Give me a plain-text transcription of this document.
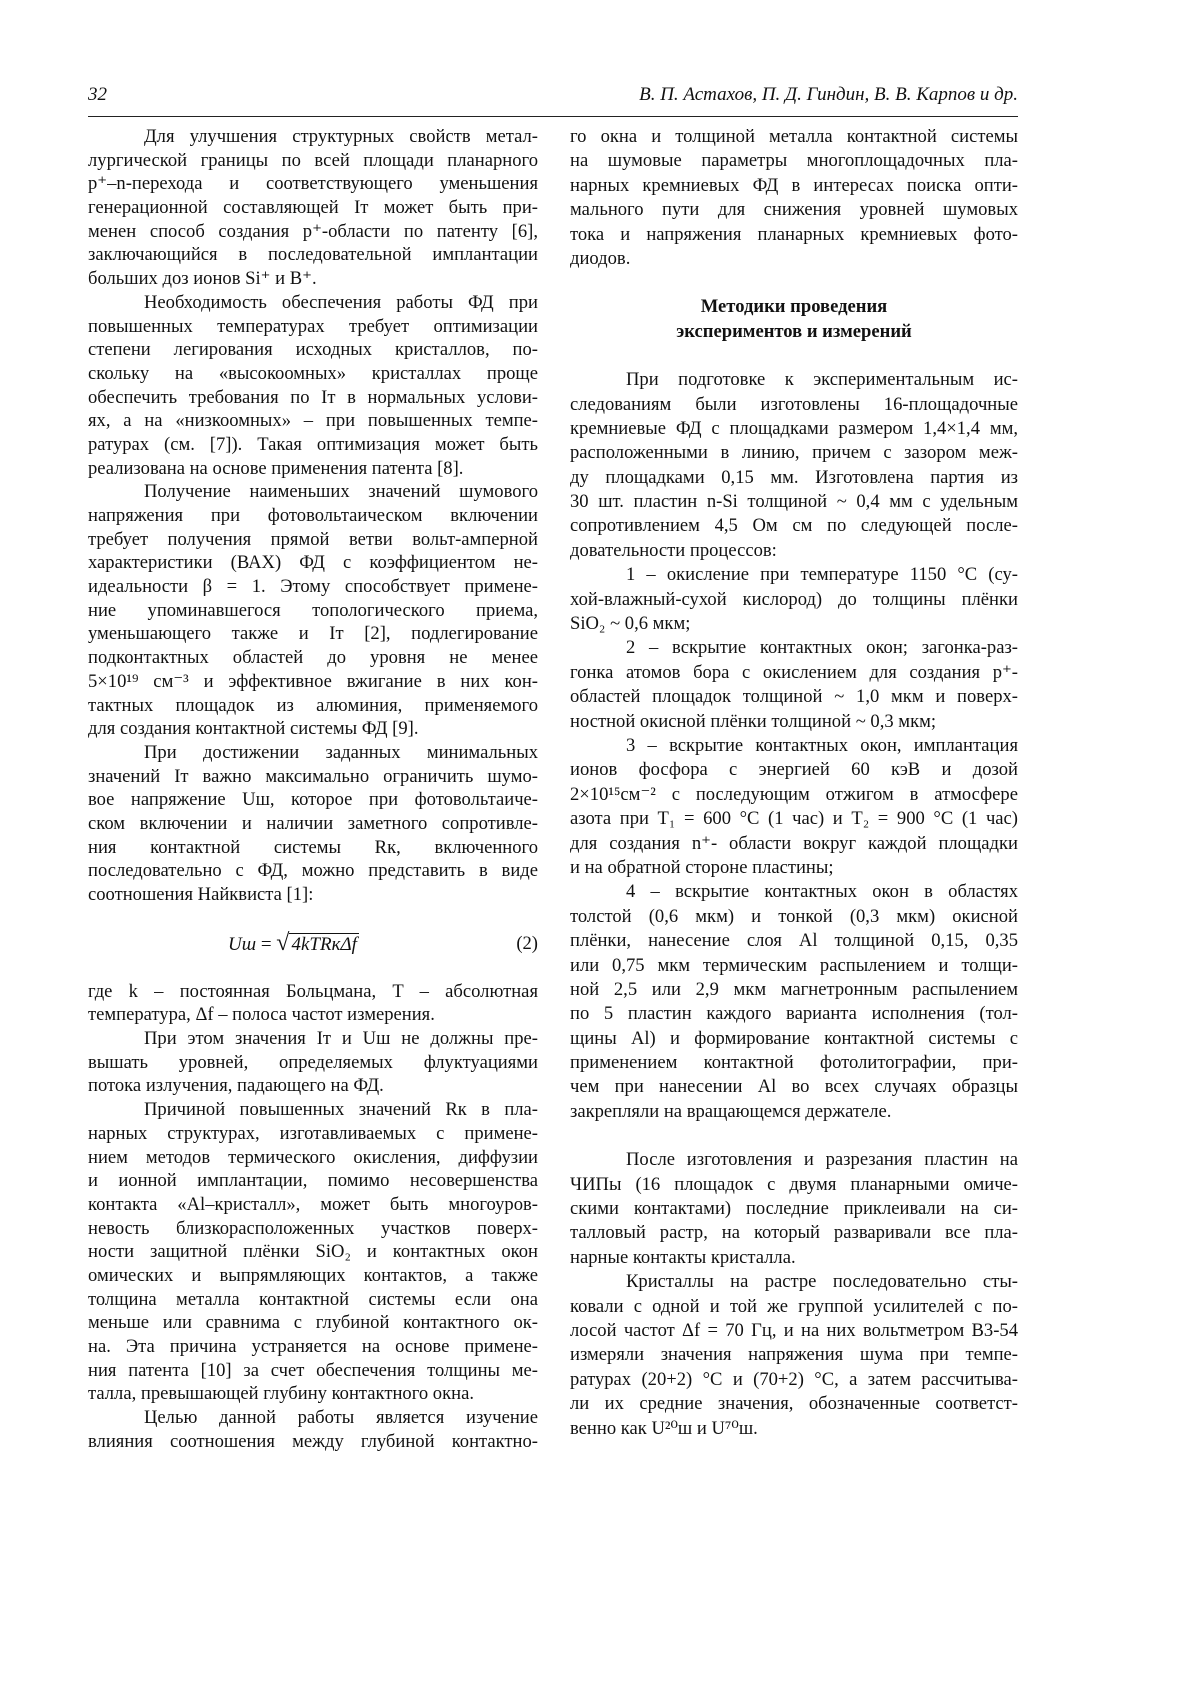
32	В. П. Астахов, П. Д. Гиндин, В. В. Карпов и др.
Для улучшения структурных свойств метал-
лургической границы по всей площади планарного
p⁺–n-перехода и соответствующего уменьшения
генерационной составляющей Iт может быть при-
менен способ создания p⁺-области по патенту [6],
заключающийся в последовательной имплантации
больших доз ионов Si⁺ и B⁺.
Необходимость обеспечения работы ФД при
повышенных температурах требует оптимизации
степени легирования исходных кристаллов, по-
скольку на «высокоомных» кристаллах проще
обеспечить требования по Iт в нормальных услови-
ях, а на «низкоомных» – при повышенных темпе-
ратурах (см. [7]). Такая оптимизация может быть
реализована на основе применения патента [8].
Получение наименьших значений шумового
напряжения при фотовольтаическом включении
требует получения прямой ветви вольт-амперной
характеристики (ВАХ) ФД с коэффициентом не-
идеальности β = 1. Этому способствует примене-
ние упоминавшегося топологического приема,
уменьшающего также и Iт [2], подлегирование
подконтактных областей до уровня не менее
5×10¹⁹ см⁻³ и эффективное вжигание в них кон-
тактных площадок из алюминия, применяемого
для создания контактной системы ФД [9].
При достижении заданных минимальных
значений Iт важно максимально ограничить шумо-
вое напряжение Uш, которое при фотовольтаиче-
ском включении и наличии заметного сопротивле-
ния контактной системы Rк, включенного
последовательно с ФД, можно представить в виде
соотношения Найквиста [1]:
Uш = √ 4kTRкΔf	(2)
где k – постоянная Больцмана, T – абсолютная
температура, Δf – полоса частот измерения.
При этом значения Iт и Uш не должны пре-
вышать уровней, определяемых флуктуациями
потока излучения, падающего на ФД.
Причиной повышенных значений Rк в пла-
нарных структурах, изготавливаемых с примене-
нием методов термического окисления, диффузии
и ионной имплантации, помимо несовершенства
контакта «Al–кристалл», может быть многоуров-
невость близкорасположенных участков поверх-
ности защитной плёнки SiO₂ и контактных окон
омических и выпрямляющих контактов, а также
толщина металла контактной системы если она
меньше или сравнима с глубиной контактного ок-
на. Эта причина устраняется на основе примене-
ния патента [10] за счет обеспечения толщины ме-
талла, превышающей глубину контактного окна.
Целью данной работы является изучение
влияния соотношения между глубиной контактно-
го окна и толщиной металла контактной системы
на шумовые параметры многоплощадочных пла-
нарных кремниевых ФД в интересах поиска опти-
мального пути для снижения уровней шумовых
тока и напряжения планарных кремниевых фото-
диодов.
Методики проведения
экспериментов и измерений
При подготовке к экспериментальным ис-
следованиям были изготовлены 16-площадочные
кремниевые ФД с площадками размером 1,4×1,4 мм,
расположенными в линию, причем с зазором меж-
ду площадками 0,15 мм. Изготовлена партия из
30 шт. пластин n-Si толщиной ~ 0,4 мм с удельным
сопротивлением 4,5 Ом см по следующей после-
довательности процессов:
1 – окисление при температуре 1150 °С (су-
хой-влажный-сухой кислород) до толщины плёнки
SiO₂ ~ 0,6 мкм;
2 – вскрытие контактных окон; загонка-раз-
гонка атомов бора с окислением для создания p⁺-
областей площадок толщиной ~ 1,0 мкм и поверх-
ностной окисной плёнки толщиной ~ 0,3 мкм;
3 – вскрытие контактных окон, имплантация
ионов фосфора с энергией 60 кэВ и дозой
2×10¹⁵см⁻² с последующим отжигом в атмосфере
азота при T₁ = 600 °С (1 час) и T₂ = 900 °С (1 час)
для создания n⁺- области вокруг каждой площадки
и на обратной стороне пластины;
4 – вскрытие контактных окон в областях
толстой (0,6 мкм) и тонкой (0,3 мкм) окисной
плёнки, нанесение слоя Al толщиной 0,15, 0,35
или 0,75 мкм термическим распылением и толщи-
ной 2,5 или 2,9 мкм магнетронным распылением
по 5 пластин каждого варианта исполнения (тол-
щины Al) и формирование контактной системы с
применением контактной фотолитографии, при-
чем при нанесении Al во всех случаях образцы
закрепляли на вращающемся держателе.
После изготовления и разрезания пластин на
ЧИПы (16 площадок с двумя планарными омиче-
скими контактами) последние приклеивали на си-
талловый растр, на который разваривали все пла-
нарные контакты кристалла.
Кристаллы на растре последовательно сты-
ковали с одной и той же группой усилителей с по-
лосой частот Δf = 70 Гц, и на них вольтметром В3-54
измеряли значения напряжения шума при темпе-
ратурах (20+2) °С и (70+2) °С, а затем рассчитыва-
ли их средние значения, обозначенные соответст-
венно как U²⁰ш и U⁷⁰ш.
